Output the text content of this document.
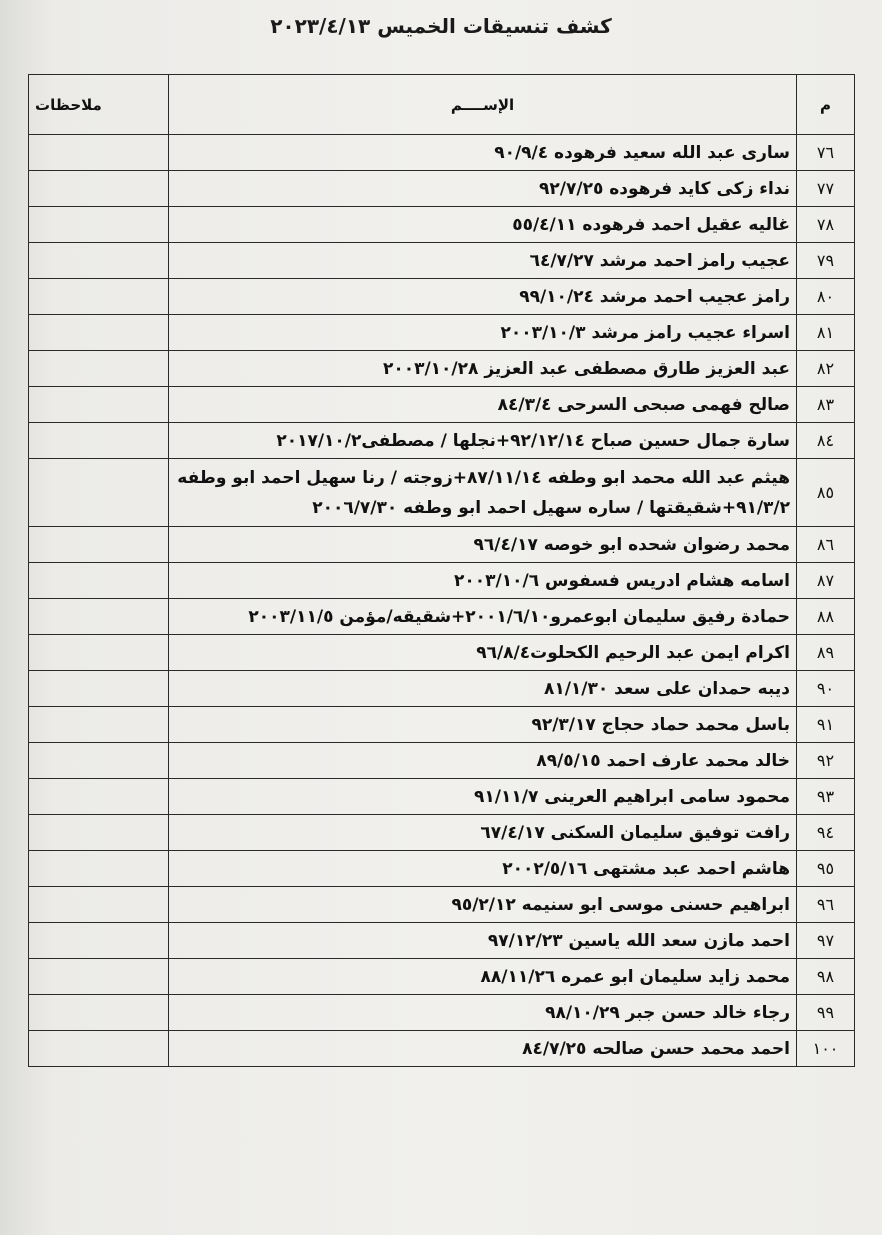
كشف تنسيقات الخميس ٢٠٢٣/٤/١٣
م	الإســــم	ملاحظات
٧٦	سارى عبد الله سعيد فرهوده ٩٠/٩/٤	
٧٧	نداء زكى كايد فرهوده ٩٢/٧/٢٥	
٧٨	غاليه عقيل احمد فرهوده ٥٥/٤/١١	
٧٩	عجيب رامز احمد مرشد ٦٤/٧/٢٧	
٨٠	رامز عجيب احمد مرشد ٩٩/١٠/٢٤	
٨١	اسراء عجيب رامز مرشد ٢٠٠٣/١٠/٣	
٨٢	عبد العزيز طارق مصطفى عبد العزيز ٢٠٠٣/١٠/٢٨	
٨٣	صالح فهمى صبحى السرحى ٨٤/٣/٤	
٨٤	سارة جمال حسين صباح ٩٢/١٢/١٤+نجلها / مصطفى٢٠١٧/١٠/٢	
٨٥	هيثم عبد الله محمد ابو وطفه ٨٧/١١/١٤+زوجته / رنا سهيل احمد ابو وطفه ٩١/٣/٢+شقيقتها / ساره سهيل احمد ابو وطفه ٢٠٠٦/٧/٣٠	
٨٦	محمد رضوان شحده ابو خوصه ٩٦/٤/١٧	
٨٧	اسامه هشام ادريس فسفوس ٢٠٠٣/١٠/٦	
٨٨	حمادة رفيق سليمان ابوعمرو٢٠٠١/٦/١٠+شقيقه/مؤمن ٢٠٠٣/١١/٥	
٨٩	اكرام ايمن عبد الرحيم الكحلوت٩٦/٨/٤	
٩٠	ديبه حمدان على سعد ٨١/١/٣٠	
٩١	باسل محمد حماد حجاج ٩٢/٣/١٧	
٩٢	خالد محمد عارف احمد ٨٩/٥/١٥	
٩٣	محمود سامى ابراهيم العرينى ٩١/١١/٧	
٩٤	رافت توفيق سليمان السكنى ٦٧/٤/١٧	
٩٥	هاشم احمد عبد مشتهى ٢٠٠٢/٥/١٦	
٩٦	ابراهيم حسنى موسى ابو سنيمه ٩٥/٢/١٢	
٩٧	احمد مازن سعد الله ياسين ٩٧/١٢/٢٣	
٩٨	محمد زايد سليمان ابو عمره ٨٨/١١/٢٦	
٩٩	رجاء خالد حسن جبر ٩٨/١٠/٢٩	
١٠٠	احمد محمد حسن صالحه ٨٤/٧/٢٥	
